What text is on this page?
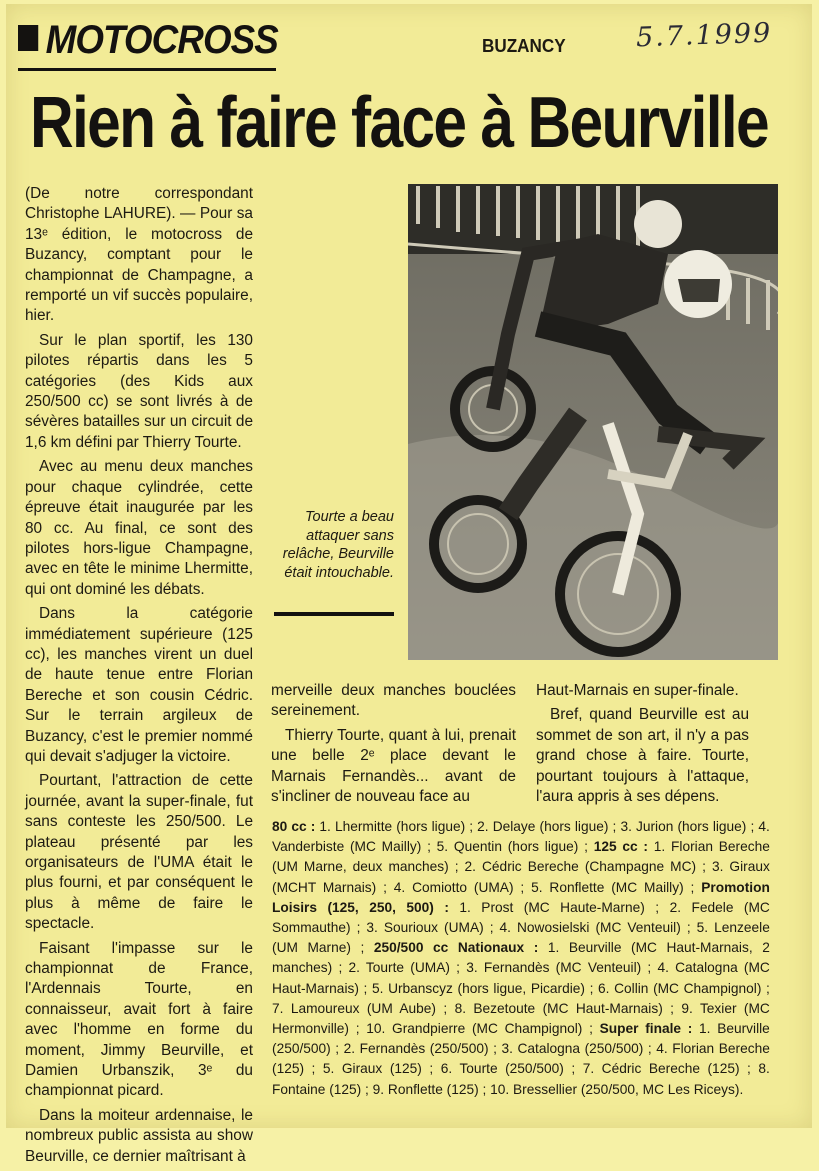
MOTOCROSS	BUZANCY	5.7.1999
Rien à faire face à Beurville

(De notre correspondant Christophe LAHURE). — Pour sa 13ᵉ édition, le motocross de Buzancy, comptant pour le championnat de Champagne, a remporté un vif succès populaire, hier.

Sur le plan sportif, les 130 pilotes répartis dans les 5 catégories (des Kids aux 250/500 cc) se sont livrés à de sévères batailles sur un circuit de 1,6 km défini par Thierry Tourte.

Avec au menu deux manches pour chaque cylindrée, cette épreuve était inaugurée par les 80 cc. Au final, ce sont des pilotes hors-ligue Champagne, avec en tête le minime Lhermitte, qui ont dominé les débats.

Dans la catégorie immédiatement supérieure (125 cc), les manches virent un duel de haute tenue entre Florian Bereche et son cousin Cédric. Sur le terrain argileux de Buzancy, c'est le premier nommé qui devait s'adjuger la victoire.

Pourtant, l'attraction de cette journée, avant la super-finale, fut sans conteste les 250/500. Le plateau présenté par les organisateurs de l'UMA était le plus fourni, et par conséquent le plus à même de faire le spectacle.

Faisant l'impasse sur le championnat de France, l'Ardennais Tourte, en connaisseur, avait fort à faire avec l'homme en forme du moment, Jimmy Beurville, et Damien Urbanszik, 3ᵉ du championnat picard.

Dans la moiteur ardennaise, le nombreux public assista au show Beurville, ce dernier maîtrisant à

Tourte a beau attaquer sans relâche, Beurville était intouchable.

merveille deux manches bouclées sereinement.

Thierry Tourte, quant à lui, prenait une belle 2ᵉ place devant le Marnais Fernandès... avant de s'incliner de nouveau face au

Haut-Marnais en super-finale.

Bref, quand Beurville est au sommet de son art, il n'y a pas grand chose à faire. Tourte, pourtant toujours à l'attaque, l'aura appris à ses dépens.

80 cc : 1. Lhermitte (hors ligue) ; 2. Delaye (hors ligue) ; 3. Jurion (hors ligue) ; 4. Vanderbiste (MC Mailly) ; 5. Quentin (hors ligue) ; 125 cc : 1. Florian Bereche (UM Marne, deux manches) ; 2. Cédric Bereche (Champagne MC) ; 3. Giraux (MCHT Marnais) ; 4. Comiotto (UMA) ; 5. Ronflette (MC Mailly) ; Promotion Loisirs (125, 250, 500) : 1. Prost (MC Haute-Marne) ; 2. Fedele (MC Sommauthe) ; 3. Sourioux (UMA) ; 4. Nowosielski (MC Venteuil) ; 5. Lenzeele (UM Marne) ; 250/500 cc Nationaux : 1. Beurville (MC Haut-Marnais, 2 manches) ; 2. Tourte (UMA) ; 3. Fernandès (MC Venteuil) ; 4. Catalogna (MC Haut-Marnais) ; 5. Urbanscyz (hors ligue, Picardie) ; 6. Collin (MC Champignol) ; 7. Lamoureux (UM Aube) ; 8. Bezetoute (MC Haut-Marnais) ; 9. Texier (MC Hermonville) ; 10. Grandpierre (MC Champignol) ; Super finale : 1. Beurville (250/500) ; 2. Fernandès (250/500) ; 3. Catalogna (250/500) ; 4. Florian Bereche (125) ; 5. Giraux (125) ; 6. Tourte (250/500) ; 7. Cédric Bereche (125) ; 8. Fontaine (125) ; 9. Ronflette (125) ; 10. Bressellier (250/500, MC Les Riceys).
